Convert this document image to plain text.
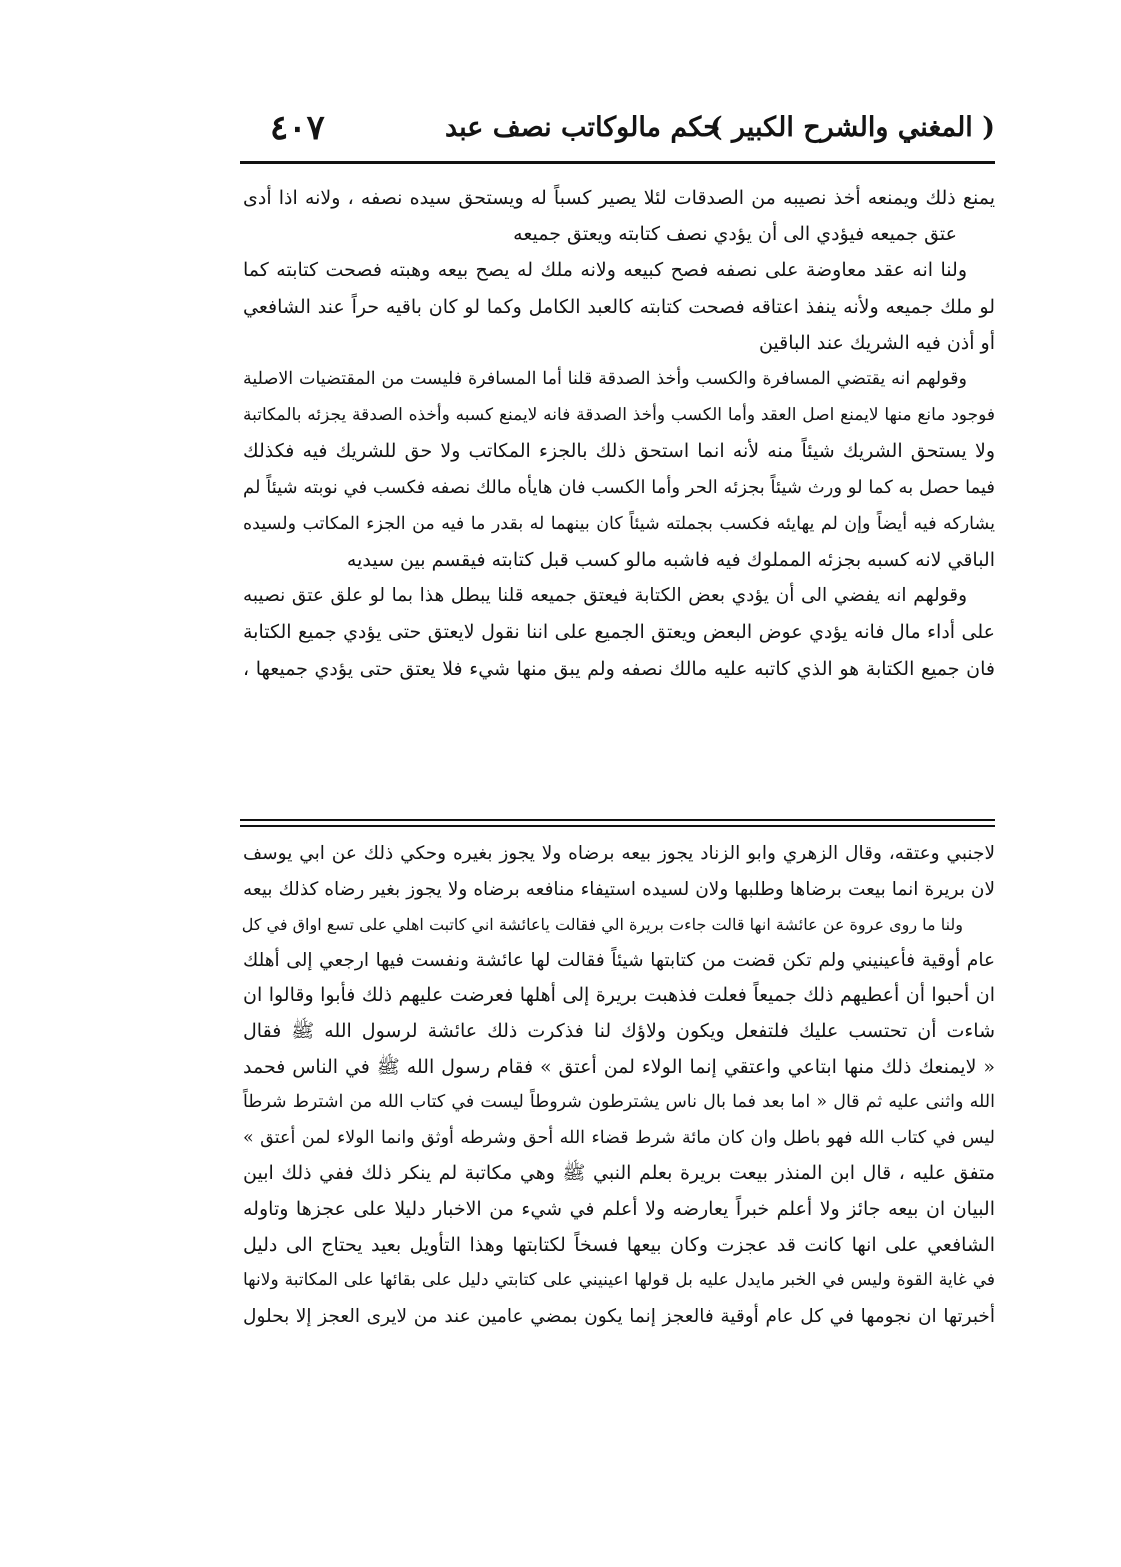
( المغني والشرح الكبير )
حكم مالوكاتب نصف عبد
٤٠٧

يمنع ذلك ويمنعه أخذ نصيبه من الصدقات لئلا يصير كسباً له ويستحق سيده نصفه ، ولانه اذا أدى

عتق جميعه فيؤدي الى أن يؤدي نصف كتابته ويعتق جميعه

ولنا انه عقد معاوضة على نصفه فصح كبيعه ولانه ملك له يصح بيعه وهبته فصحت كتابته كما

لو ملك جميعه ولأنه ينفذ اعتاقه فصحت كتابته كالعبد الكامل وكما لو كان باقيه حراً عند الشافعي

أو أذن فيه الشريك عند الباقين

وقولهم انه يقتضي المسافرة والكسب وأخذ الصدقة قلنا أما المسافرة فليست من المقتضيات الاصلية

فوجود مانع منها لايمنع اصل العقد وأما الكسب وأخذ الصدقة فانه لايمنع كسبه وأخذه الصدقة يجزئه بالمكاتبة

ولا يستحق الشريك شيئاً منه لأنه انما استحق ذلك بالجزء المكاتب ولا حق للشريك فيه فكذلك

فيما حصل به كما لو ورث شيئاً بجزئه الحر وأما الكسب فان هايأه مالك نصفه فكسب في نوبته شيئاً لم

يشاركه فيه أيضاً وإن لم يهايئه فكسب بجملته شيئاً كان بينهما له بقدر ما فيه من الجزء المكاتب ولسيده

الباقي لانه كسبه بجزئه المملوك فيه فاشبه مالو كسب قبل كتابته فيقسم بين سيديه

وقولهم انه يفضي الى أن يؤدي بعض الكتابة فيعتق جميعه قلنا يبطل هذا بما لو علق عتق نصيبه

على أداء مال فانه يؤدي عوض البعض ويعتق الجميع على اننا نقول لايعتق حتى يؤدي جميع الكتابة

فان جميع الكتابة هو الذي كاتبه عليه مالك نصفه ولم يبق منها شيء فلا يعتق حتى يؤدي جميعها ،

لاجنبي وعتقه، وقال الزهري وابو الزناد يجوز بيعه برضاه ولا يجوز بغيره وحكي ذلك عن ابي يوسف

لان بريرة انما بيعت برضاها وطلبها ولان لسيده استيفاء منافعه برضاه ولا يجوز بغير رضاه كذلك بيعه

ولنا ما روى عروة عن عائشة انها قالت جاءت بريرة الي فقالت ياعائشة اني كاتبت اهلي على تسع اواق في كل

عام أوقية فأعينيني ولم تكن قضت من كتابتها شيئاً فقالت لها عائشة ونفست فيها ارجعي إلى أهلك

ان أحبوا أن أعطيهم ذلك جميعاً فعلت فذهبت بريرة إلى أهلها فعرضت عليهم ذلك فأبوا وقالوا ان

شاءت أن تحتسب عليك فلتفعل ويكون ولاؤك لنا فذكرت ذلك عائشة لرسول الله ﷺ فقال

« لايمنعك ذلك منها ابتاعي واعتقي إنما الولاء لمن أعتق » فقام رسول الله ﷺ في الناس فحمد

الله واثنى عليه ثم قال « اما بعد فما بال ناس يشترطون شروطاً ليست في كتاب الله من اشترط شرطاً

ليس في كتاب الله فهو باطل وان كان مائة شرط قضاء الله أحق وشرطه أوثق وانما الولاء لمن أعتق »

متفق عليه ، قال ابن المنذر بيعت بريرة بعلم النبي ﷺ وهي مكاتبة لم ينكر ذلك ففي ذلك ابين

البيان ان بيعه جائز ولا أعلم خبراً يعارضه ولا أعلم في شيء من الاخبار دليلا على عجزها وتاوله

الشافعي على انها كانت قد عجزت وكان بيعها فسخاً لكتابتها وهذا التأويل بعيد يحتاج الى دليل

في غاية القوة وليس في الخبر مايدل عليه بل قولها اعينيني على كتابتي دليل على بقائها على المكاتبة ولانها

أخبرتها ان نجومها في كل عام أوقية فالعجز إنما يكون بمضي عامين عند من لايرى العجز إلا بحلول
